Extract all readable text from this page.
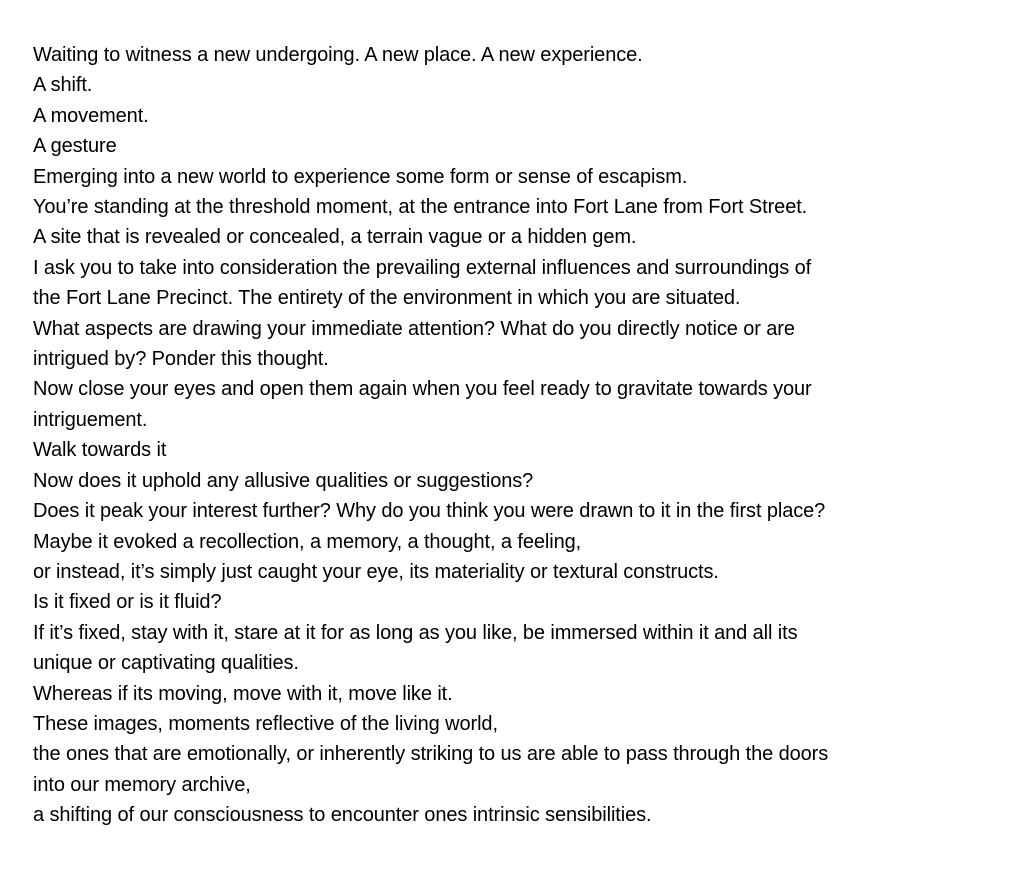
Waiting to witness a new undergoing. A new place. A new experience.
A shift.
A movement.
A gesture
Emerging into a new world to experience some form or sense of escapism.
You’re standing at the threshold moment, at the entrance into Fort Lane from Fort Street.
A site that is revealed or concealed, a terrain vague or a hidden gem.
I ask you to take into consideration the prevailing external influences and surroundings of
the Fort Lane Precinct. The entirety of the environment in which you are situated.
What aspects are drawing your immediate attention? What do you directly notice or are
intrigued by? Ponder this thought.
Now close your eyes and open them again when you feel ready to gravitate towards your
intriguement.
Walk towards it
Now does it uphold any allusive qualities or suggestions?
Does it peak your interest further? Why do you think you were drawn to it in the first place?
Maybe it evoked a recollection, a memory, a thought, a feeling,
or instead, it’s simply just caught your eye, its materiality or textural constructs.
Is it fixed or is it fluid?
If it’s fixed, stay with it, stare at it for as long as you like, be immersed within it and all its
unique or captivating qualities.
Whereas if its moving, move with it, move like it.
These images, moments reflective of the living world,
the ones that are emotionally, or inherently striking to us are able to pass through the doors
into our memory archive,
a shifting of our consciousness to encounter ones intrinsic sensibilities.
